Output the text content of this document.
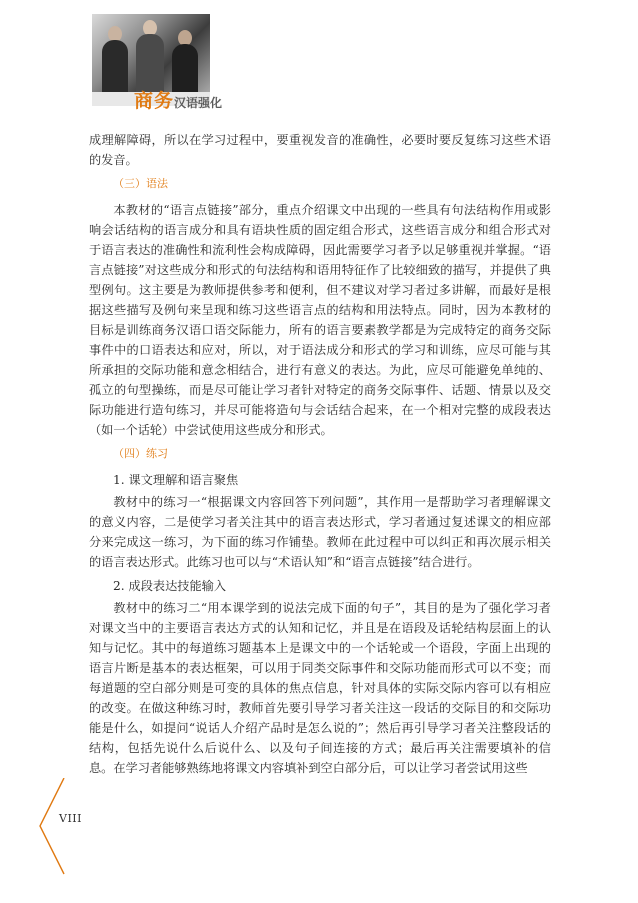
商务汉语强化

成理解障碍，所以在学习过程中，要重视发音的准确性，必要时要反复练习这些术语的发音。

（三）语法

本教材的“语言点链接”部分，重点介绍课文中出现的一些具有句法结构作用或影响会话结构的语言成分和具有语块性质的固定组合形式，这些语言成分和组合形式对于语言表达的准确性和流利性会构成障碍，因此需要学习者予以足够重视并掌握。“语言点链接”对这些成分和形式的句法结构和语用特征作了比较细致的描写，并提供了典型例句。这主要是为教师提供参考和便利，但不建议对学习者过多讲解，而最好是根据这些描写及例句来呈现和练习这些语言点的结构和用法特点。同时，因为本教材的目标是训练商务汉语口语交际能力，所有的语言要素教学都是为完成特定的商务交际事件中的口语表达和应对，所以，对于语法成分和形式的学习和训练，应尽可能与其所承担的交际功能和意念相结合，进行有意义的表达。为此，应尽可能避免单纯的、孤立的句型操练，而是尽可能让学习者针对特定的商务交际事件、话题、情景以及交际功能进行造句练习，并尽可能将造句与会话结合起来，在一个相对完整的成段表达（如一个话轮）中尝试使用这些成分和形式。

（四）练习

1. 课文理解和语言聚焦

教材中的练习一“根据课文内容回答下列问题”，其作用一是帮助学习者理解课文的意义内容，二是使学习者关注其中的语言表达形式，学习者通过复述课文的相应部分来完成这一练习，为下面的练习作铺垫。教师在此过程中可以纠正和再次展示相关的语言表达形式。此练习也可以与“术语认知”和“语言点链接”结合进行。

2. 成段表达技能输入

教材中的练习二“用本课学到的说法完成下面的句子”，其目的是为了强化学习者对课文当中的主要语言表达方式的认知和记忆，并且是在语段及话轮结构层面上的认知与记忆。其中的每道练习题基本上是课文中的一个话轮或一个语段，字面上出现的语言片断是基本的表达框架，可以用于同类交际事件和交际功能而形式可以不变；而每道题的空白部分则是可变的具体的焦点信息，针对具体的实际交际内容可以有相应的改变。在做这种练习时，教师首先要引导学习者关注这一段话的交际目的和交际功能是什么，如提问“说话人介绍产品时是怎么说的”；然后再引导学习者关注整段话的结构，包括先说什么后说什么、以及句子间连接的方式；最后再关注需要填补的信息。在学习者能够熟练地将课文内容填补到空白部分后，可以让学习者尝试用这些

VIII
